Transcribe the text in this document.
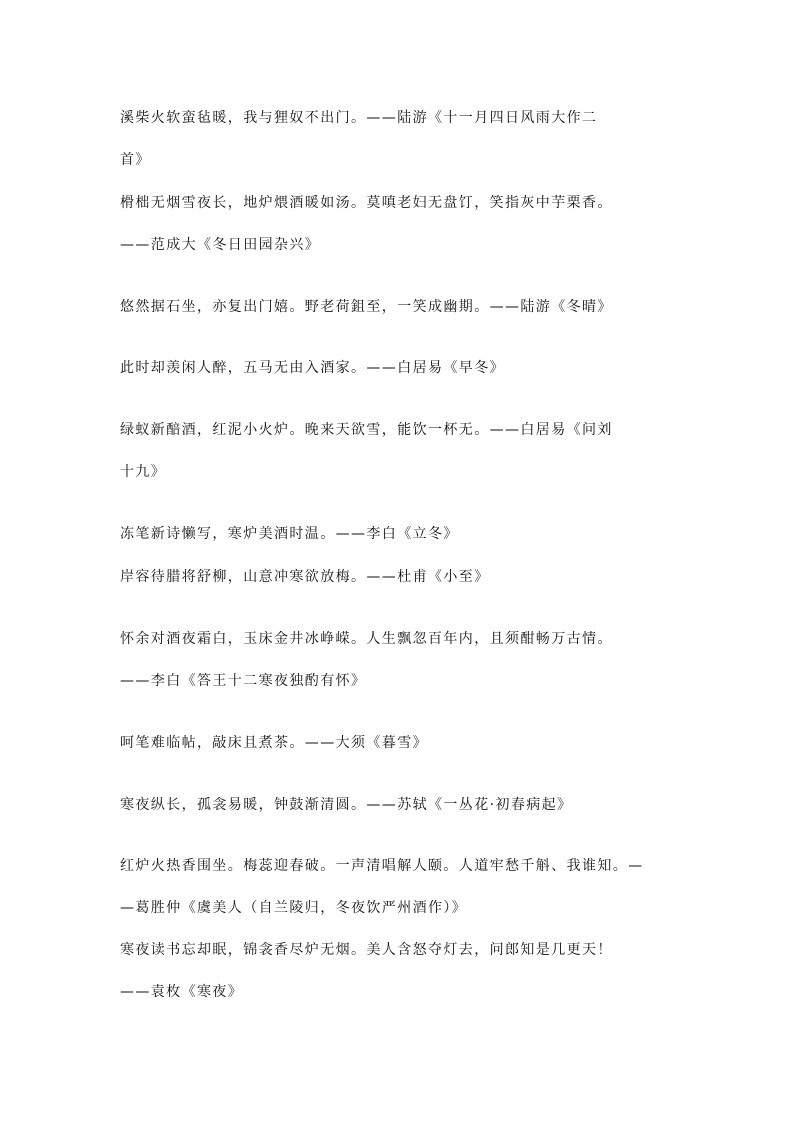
溪柴火软蛮毡暖，我与狸奴不出门。——陆游《十一月四日风雨大作二
首》
榾柮无烟雪夜长，地炉煨酒暖如汤。莫嗔老妇无盘饤，笑指灰中芋栗香。
——范成大《冬日田园杂兴》
悠然据石坐，亦复出门嬉。野老荷鉏至，一笑成幽期。——陆游《冬晴》
此时却羡闲人醉，五马无由入酒家。——白居易《早冬》
绿蚁新醅酒，红泥小火炉。晚来天欲雪，能饮一杯无。——白居易《问刘
十九》
冻笔新诗懒写，寒炉美酒时温。——李白《立冬》
岸容待腊将舒柳，山意冲寒欲放梅。——杜甫《小至》
怀余对酒夜霜白，玉床金井冰峥嵘。人生飘忽百年内，且须酣畅万古情。
——李白《答王十二寒夜独酌有怀》
呵笔难临帖，敲床且煮茶。——大须《暮雪》
寒夜纵长，孤衾易暖，钟鼓渐清圆。——苏轼《一丛花·初春病起》
红炉火热香围坐。梅蕊迎春破。一声清唱解人颐。人道牢愁千斛、我谁知。—
—葛胜仲《虞美人（自兰陵归，冬夜饮严州酒作）》
寒夜读书忘却眠，锦衾香尽炉无烟。美人含怒夺灯去，问郎知是几更天！
——袁枚《寒夜》
